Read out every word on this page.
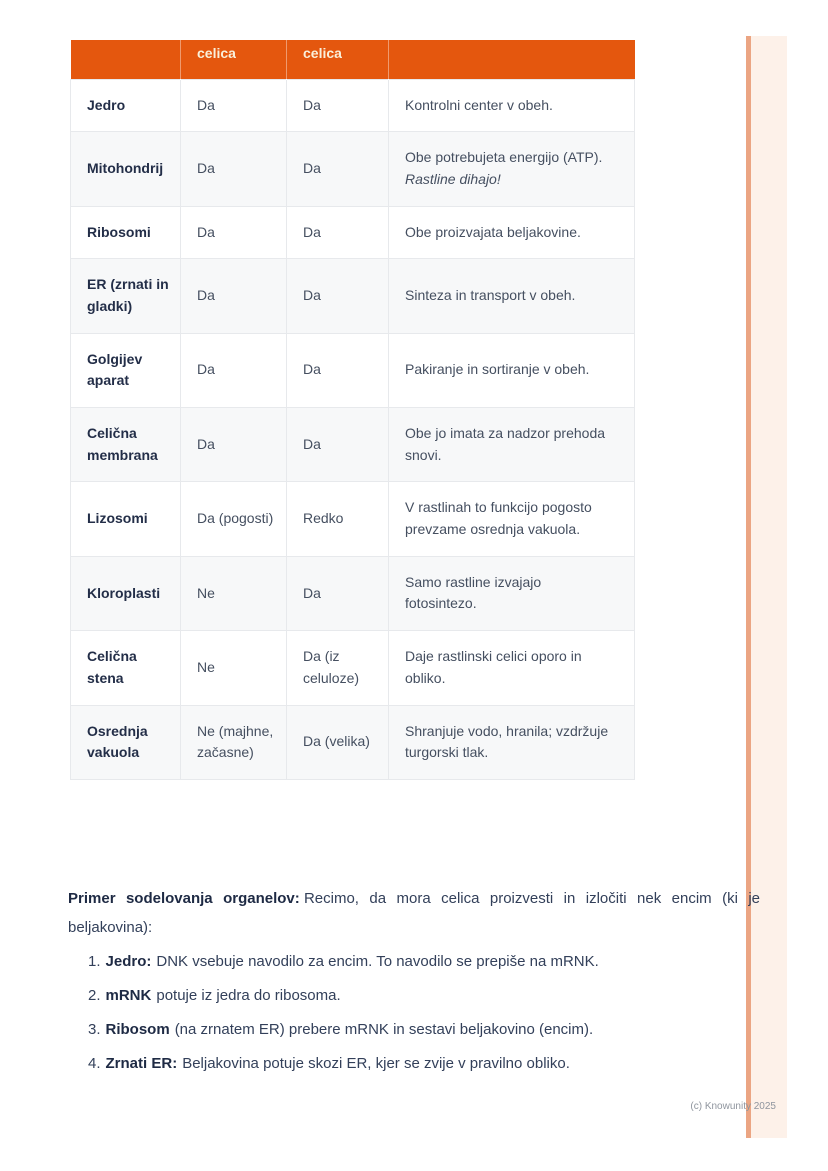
	celica	celica	
Jedro	Da	Da	Kontrolni center v obeh.

Mitohondrij	Da	Da	Obe potrebujeta energijo (ATP).
Rastline dihajo!

Ribosomi	Da	Da	Obe proizvajata beljakovine.

ER (zrnati in gladki)	Da	Da	Sinteza in transport v obeh.

Golgijev aparat	Da	Da	Pakiranje in sortiranje v obeh.

Celična membrana	Da	Da	Obe jo imata za nadzor prehoda snovi.

Lizosomi	Da (pogosti)	Redko	V rastlinah to funkcijo pogosto prevzame osrednja vakuola.

Kloroplasti	Ne	Da	Samo rastline izvajajo fotosintezo.

Celična stena	Ne	Da (iz celuloze)	Daje rastlinski celici oporo in obliko.

Osrednja vakuola	Ne (majhne, začasne)	Da (velika)	Shranjuje vodo, hranila; vzdržuje turgorski tlak.

Primer sodelovanja organelov: Recimo, da mora celica proizvesti in izločiti nek encim (ki je beljakovina):

1. Jedro: DNK vsebuje navodilo za encim. To navodilo se prepiše na mRNK.
2. mRNK potuje iz jedra do ribosoma.
3. Ribosom (na zrnatem ER) prebere mRNK in sestavi beljakovino (encim).
4. Zrnati ER: Beljakovina potuje skozi ER, kjer se zvije v pravilno obliko.
(c) Knowunity 2025
